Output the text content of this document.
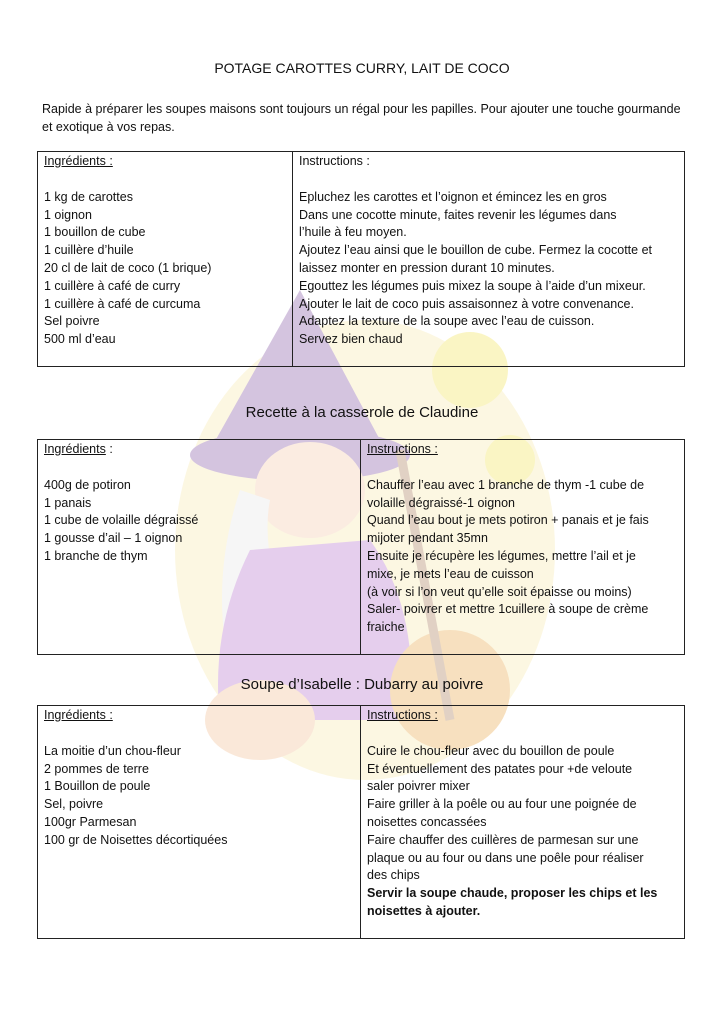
POTAGE CAROTTES CURRY, LAIT DE COCO
Rapide à préparer les soupes maisons sont toujours un régal pour les papilles. Pour ajouter une touche gourmande et exotique à vos repas.
Ingrédients :
1 kg de carottes
1 oignon
1 bouillon de cube
1 cuillère d’huile
20 cl de lait de coco (1 brique)
1 cuillère à café de curry
1 cuillère à café de curcuma
Sel poivre
500 ml d’eau

Instructions :
Epluchez les carottes et l’oignon et émincez les en gros
Dans une cocotte minute, faites revenir les légumes dans
l’huile à feu moyen.
Ajoutez l’eau ainsi que le bouillon de cube. Fermez la cocotte et
laissez monter en pression durant 10 minutes.
Egouttez les légumes puis mixez la soupe à l’aide d’un mixeur.
Ajouter le lait de coco puis assaisonnez à votre convenance.
Adaptez la texture de la soupe avec l’eau de cuisson.
Servez bien chaud
Recette à la casserole de Claudine
Ingrédients :
400g de potiron
1 panais
1 cube de volaille dégraissé
1 gousse d’ail – 1 oignon
1 branche de thym

Instructions :
Chauffer l’eau avec 1 branche de thym -1 cube de
volaille dégraissé-1 oignon
Quand l’eau bout je mets potiron + panais et je fais
mijoter pendant 35mn
Ensuite je récupère les légumes, mettre l’ail et je
mixe, je mets l’eau de cuisson
(à voir si l’on veut qu’elle soit épaisse ou moins)
Saler- poivrer et mettre 1cuillere à soupe de crème
fraiche
Soupe d’Isabelle : Dubarry au poivre
Ingrédients :
La moitie d’un chou-fleur
2 pommes de terre
1 Bouillon de poule
Sel, poivre
100gr Parmesan
100 gr de Noisettes décortiquées

Instructions :
Cuire le chou-fleur avec du bouillon de poule
Et éventuellement des patates pour +de veloute
saler poivrer mixer
Faire griller à la poêle ou au four une poignée de
noisettes concassées
Faire chauffer des cuillères de parmesan sur une
plaque ou au four ou dans une poêle pour réaliser
des chips
Servir la soupe chaude, proposer les chips et les
noisettes à ajouter.
